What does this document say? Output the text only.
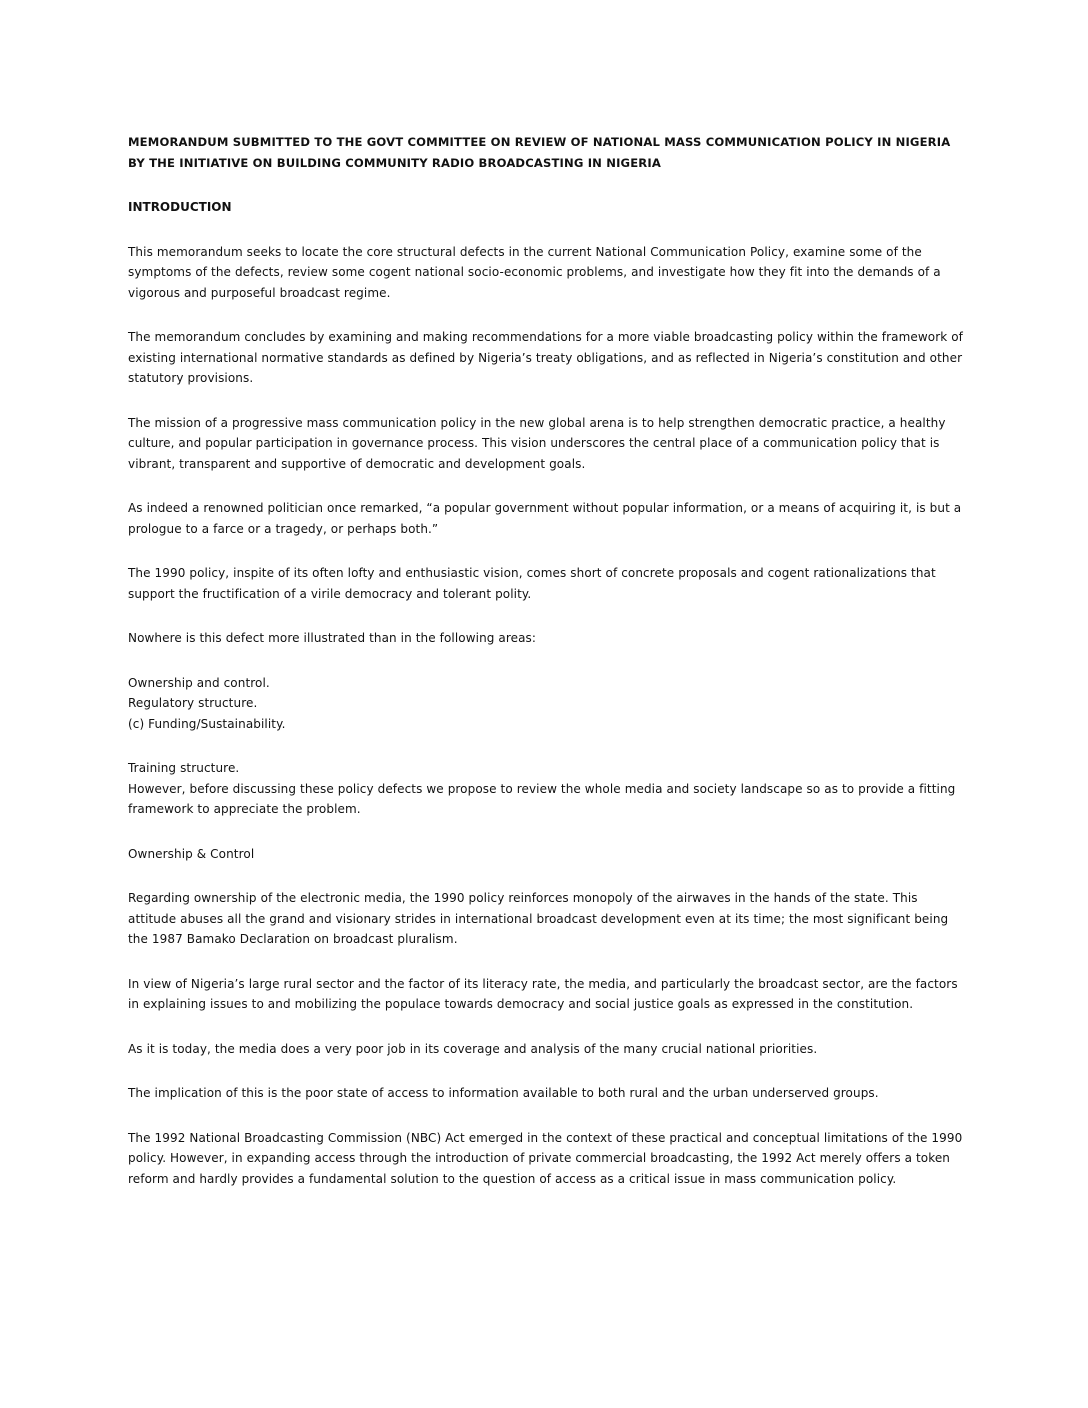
MEMORANDUM SUBMITTED TO THE GOVT COMMITTEE ON REVIEW OF NATIONAL MASS COMMUNICATION POLICY IN NIGERIA BY THE INITIATIVE ON BUILDING COMMUNITY RADIO BROADCASTING IN NIGERIA

INTRODUCTION

This memorandum seeks to locate the core structural defects in the current National Communication Policy, examine some of the symptoms of the defects, review some cogent national socio-economic problems, and investigate how they fit into the demands of a vigorous and purposeful broadcast regime.

The memorandum concludes by examining and making recommendations for a more viable broadcasting policy within the framework of existing international normative standards as defined by Nigeria’s treaty obligations, and as reflected in Nigeria’s constitution and other statutory provisions.

The mission of a progressive mass communication policy in the new global arena is to help strengthen democratic practice, a healthy culture, and popular participation in governance process. This vision underscores the central place of a communication policy that is vibrant, transparent and supportive of democratic and development goals.

As indeed a renowned politician once remarked, “a popular government without popular information, or a means of acquiring it, is but a prologue to a farce or a tragedy, or perhaps both.”

The 1990 policy, inspite of its often lofty and enthusiastic vision, comes short of concrete proposals and cogent rationalizations that support the fructification of a virile democracy and tolerant polity.

Nowhere is this defect more illustrated than in the following areas:

Ownership and control.

Regulatory structure.

(c) Funding/Sustainability.

Training structure.

However, before discussing these policy defects we propose to review the whole media and society landscape so as to provide a fitting framework to appreciate the problem.

Ownership & Control

Regarding ownership of the electronic media, the 1990 policy reinforces monopoly of the airwaves in the hands of the state. This attitude abuses all the grand and visionary strides in international broadcast development even at its time; the most significant being the 1987 Bamako Declaration on broadcast pluralism.

In view of Nigeria’s large rural sector and the factor of its literacy rate, the media, and particularly the broadcast sector, are the factors in explaining issues to and mobilizing the populace towards democracy and social justice goals as expressed in the constitution.

As it is today, the media does a very poor job in its coverage and analysis of the many crucial national priorities.

The implication of this is the poor state of access to information available to both rural and the urban underserved groups.

The 1992 National Broadcasting Commission (NBC) Act emerged in the context of these practical and conceptual limitations of the 1990 policy. However, in expanding access through the introduction of private commercial broadcasting, the 1992 Act merely offers a token reform and hardly provides a fundamental solution to the question of access as a critical issue in mass communication policy.
